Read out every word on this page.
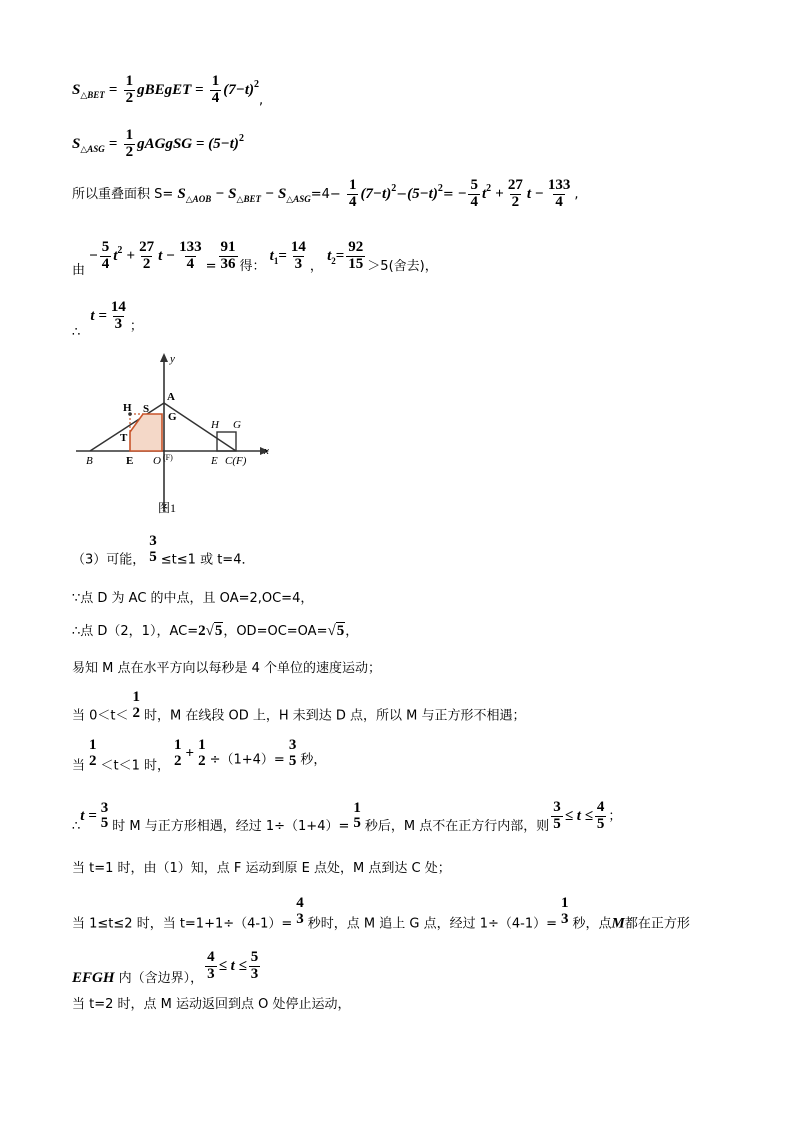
$S_{\triangle BET} = \frac{1}{2}$ gBEgET = $\frac{1}{4} (7-t)^2$,
$S_{\triangle ASG} = \frac{1}{2}$ gAGgSG = $(5-t)^2$
所以重叠面积 $S= S_{\triangle AOB} - S_{\triangle BET} - S_{\triangle ASG}=4- \frac{1}{4} (7-t)^2-(5-t)^2= - \frac{5}{4} t^2 + \frac{27}{2}$ $t - \frac{133}{4}$ ,
由 − $\frac{5}{4} t^2 + \frac{27}{2}$ $t - \frac{133}{4} = \frac{91}{36}$ 得： $t_1= \frac{14}{3}$ ， $t_2= \frac{92}{15} >5$(舍去)，
∴ $t = \frac{14}{3}$ ；
y
x
A
H S
G
T
B	E O (F)
H G
E C(F)
图1
（3）可能，
3
5 ≤t≤1 或 t=4．
∵点 D 为 AC 的中点，且 OA=2,OC=4，
∴点 D（2，1），AC=2√5，OD=OC=OA=√5，
易知 M 点在水平方向以每秒是 4 个单位的速度运动；
当 0＜t＜
1
2 时，M 在线段 OD 上，H 未到达 D 点，所以 M 与正方形不相遇；
当
1
2 ＜t＜1 时，
1
2 +
1
2 ÷（1+4）=
3
5 秒，
∴t =
3
5 时 M 与正方形相遇，经过 1÷（1+4）=
1
5 秒后，M 点不在正方行内部，则 $\frac{3}{5} \le t \le \frac{4}{5}$ ；
当 t=1 时，由（1）知，点 F 运动到原 E 点处，M 点到达 C 处；
当 1≤t≤2 时，当 t=1+1÷（4-1）=
4
3 秒时，点 M 追上 G 点，经过 1÷（4-1）=
1
3 秒，点M都在正方形
EFGH 内（含边界）， $\frac{4}{3} \le t \le \frac{5}{3}$
当 t=2 时，点 M 运动返回到点 O 处停止运动，
